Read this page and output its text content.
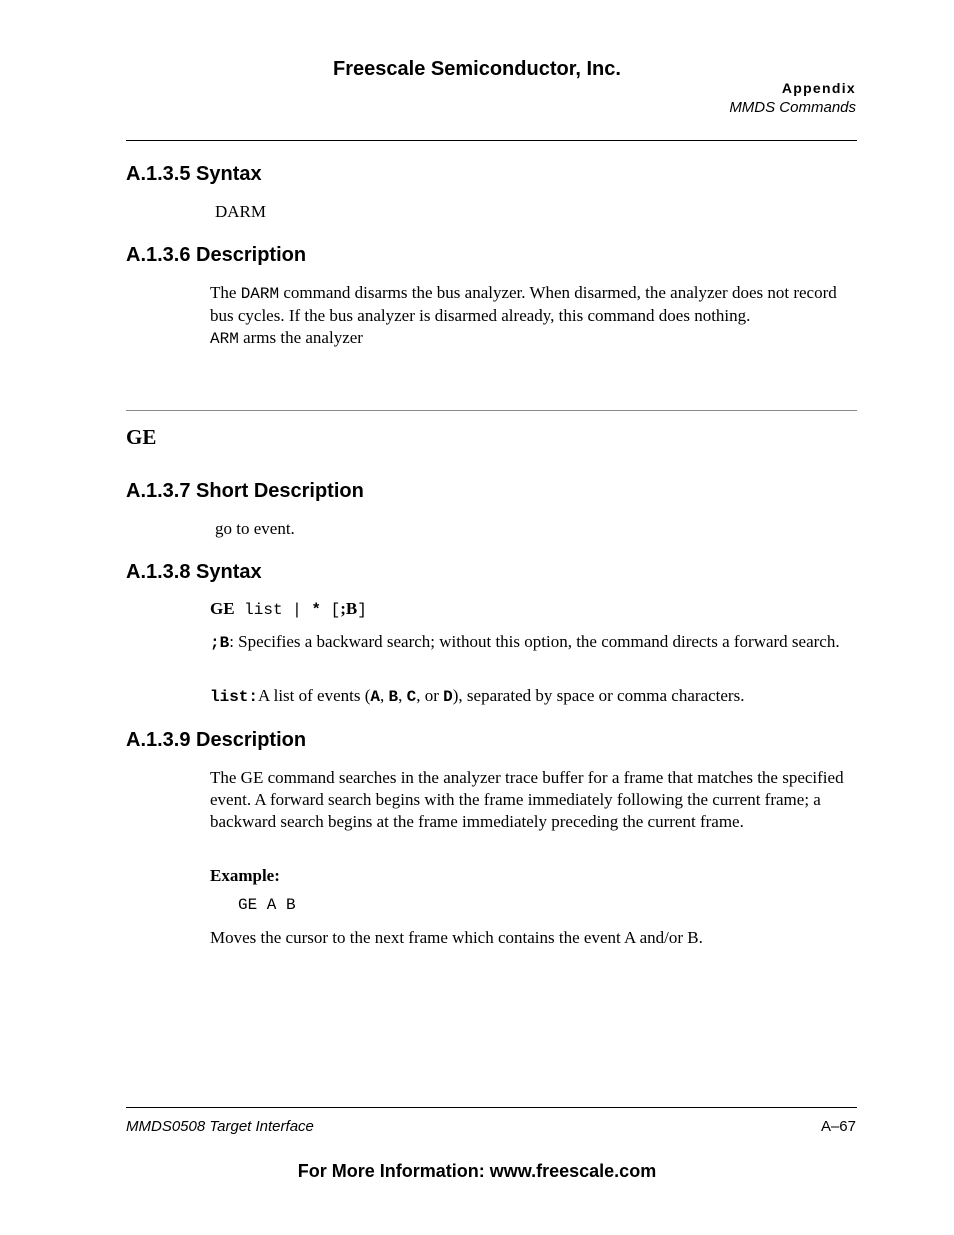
Freescale Semiconductor, Inc.
Appendix
MMDS Commands
A.1.3.5 Syntax
DARM
A.1.3.6 Description
The DARM command disarms the bus analyzer. When disarmed, the analyzer does not record bus cycles. If the bus analyzer is disarmed already, this command does nothing.
ARM arms the analyzer
GE
A.1.3.7 Short Description
go to event.
A.1.3.8 Syntax
GE list | * [;B]
;B: Specifies a backward search; without this option, the command directs a forward search.
list:A list of events (A, B, C, or D), separated by space or comma characters.
A.1.3.9 Description
The GE command searches in the analyzer trace buffer for a frame that matches the specified event. A forward search begins with the frame immediately following the current frame; a backward search begins at the frame immediately preceding the current frame.
Example:
GE A B
Moves the cursor to the next frame which contains the event A and/or B.
MMDS0508 Target Interface	A–67
For More Information: www.freescale.com
